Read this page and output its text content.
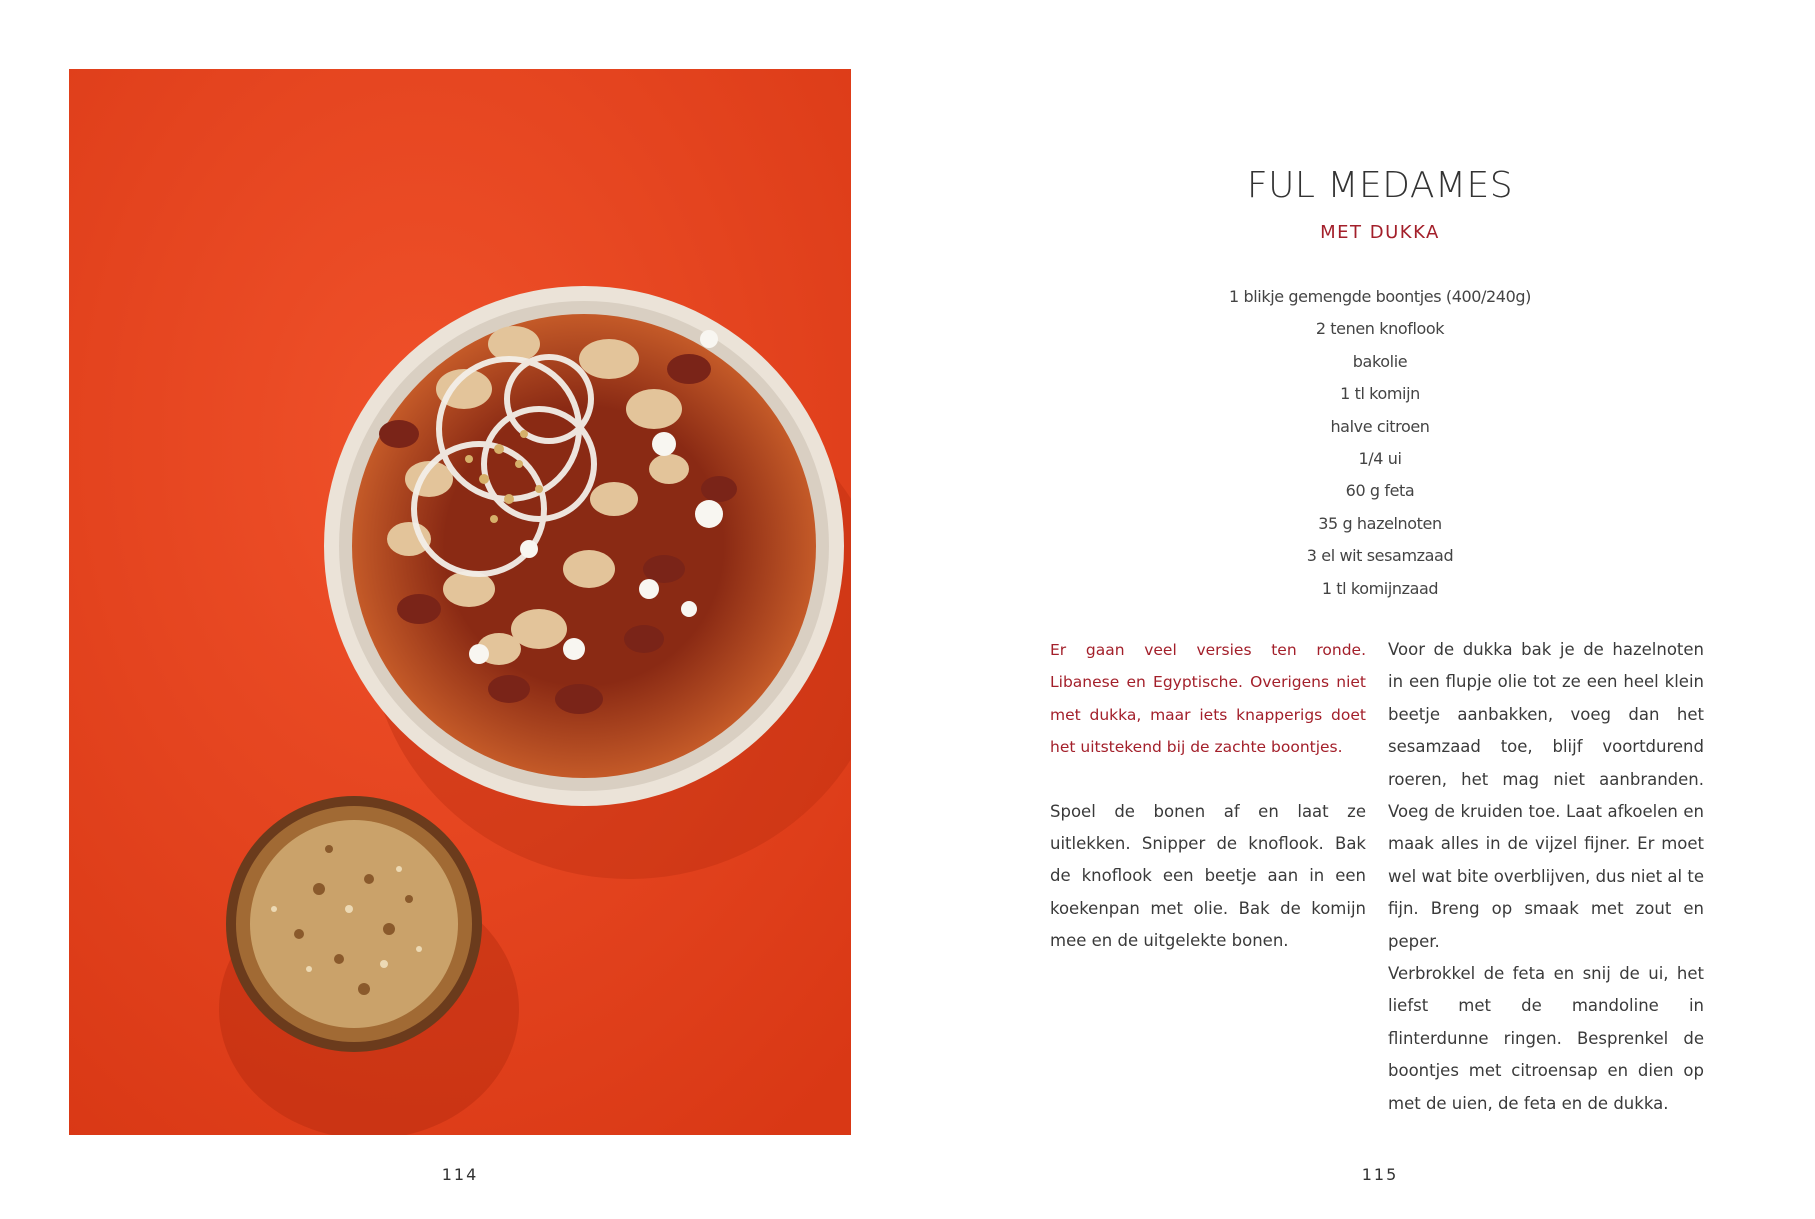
114
FUL MEDAMES
MET DUKKA
1 blikje gemengde boontjes (400/240g)
2 tenen knoflook
bakolie
1 tl komijn
halve citroen
1/4 ui
60 g feta
35 g hazelnoten
3 el wit sesamzaad
1 tl komijnzaad

Er gaan veel versies ten ronde. Libanese en Egyptische. Overigens niet met dukka, maar iets knapperigs doet het uitstekend bij de zachte boontjes.

Spoel de bonen af en laat ze uitlekken. Snipper de knoflook. Bak de knoflook een beetje aan in een koekenpan met olie. Bak de komijn mee en de uitgelekte bonen.

Voor de dukka bak je de hazelnoten in een flupje olie tot ze een heel klein beetje aanbakken, voeg dan het sesamzaad toe, blijf voortdurend roeren, het mag niet aanbranden. Voeg de kruiden toe. Laat afkoelen en maak alles in de vijzel fijner. Er moet wel wat bite overblijven, dus niet al te fijn. Breng op smaak met zout en peper.

Verbrokkel de feta en snij de ui, het liefst met de mandoline in flinterdunne ringen. Besprenkel de boontjes met citroensap en dien op met de uien, de feta en de dukka.

115
